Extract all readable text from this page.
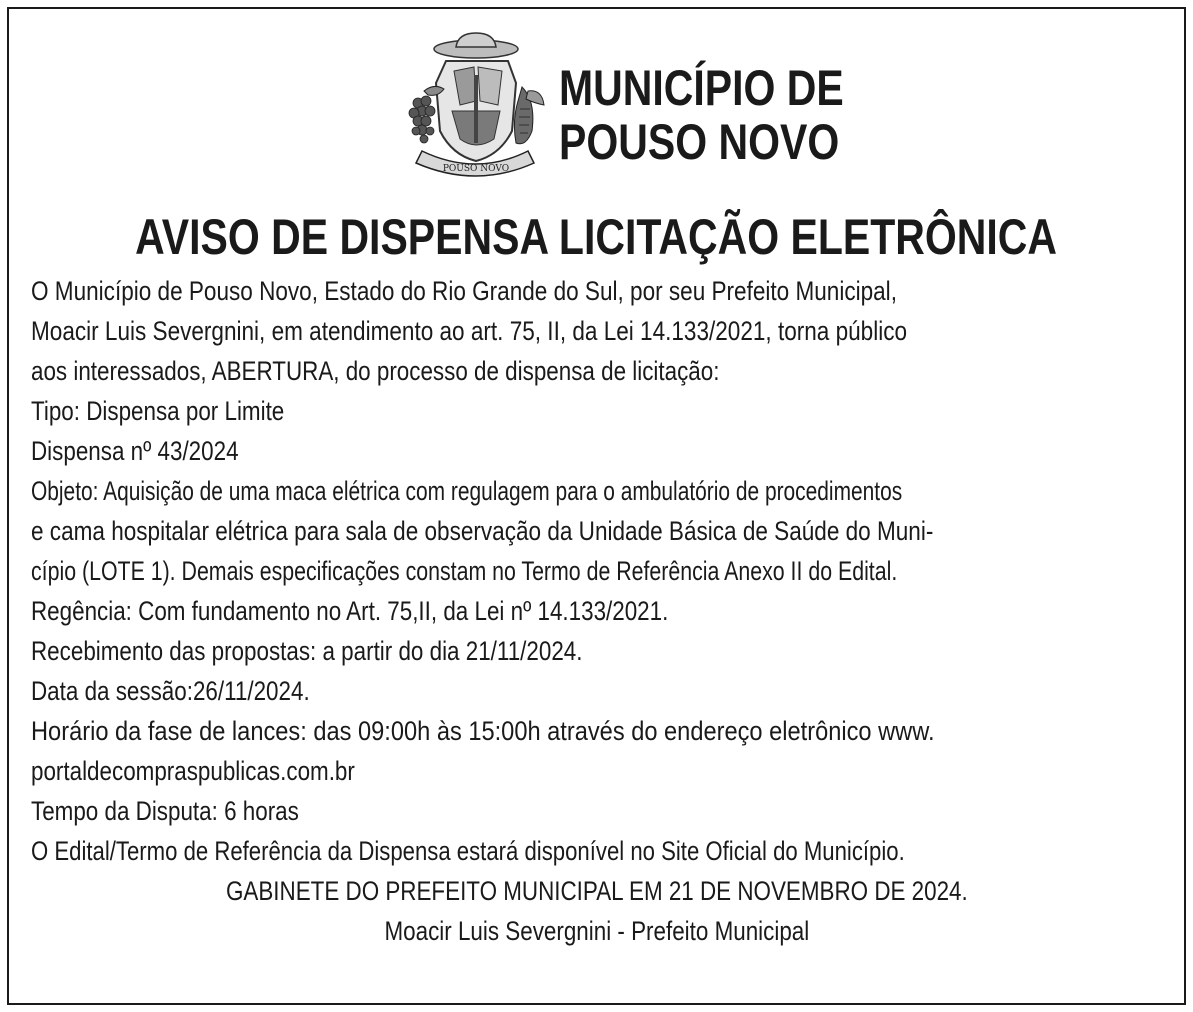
POUSO NOVO
MUNICÍPIO DE
POUSO NOVO
AVISO DE DISPENSA LICITAÇÃO ELETRÔNICA
O Município de Pouso Novo, Estado do Rio Grande do Sul, por seu Prefeito Municipal,
Moacir Luis Severgnini, em atendimento ao art. 75, II, da Lei 14.133/2021, torna público
aos interessados, ABERTURA, do processo de dispensa de licitação:
Tipo: Dispensa por Limite
Dispensa nº 43/2024
Objeto: Aquisição de uma maca elétrica com regulagem para o ambulatório de procedimentos
e cama hospitalar elétrica para sala de observação da Unidade Básica de Saúde do Muni-
cípio (LOTE 1). Demais especificações constam no Termo de Referência Anexo II do Edital.
Regência: Com fundamento no Art. 75,II, da Lei nº 14.133/2021.
Recebimento das propostas: a partir do dia 21/11/2024.
Data da sessão:26/11/2024.
Horário da fase de lances: das 09:00h às 15:00h através do endereço eletrônico www.
portaldecompraspublicas.com.br
Tempo da Disputa: 6 horas
O Edital/Termo de Referência da Dispensa estará disponível no Site Oficial do Município.
GABINETE DO PREFEITO MUNICIPAL EM 21 DE NOVEMBRO DE 2024.
Moacir Luis Severgnini - Prefeito Municipal
